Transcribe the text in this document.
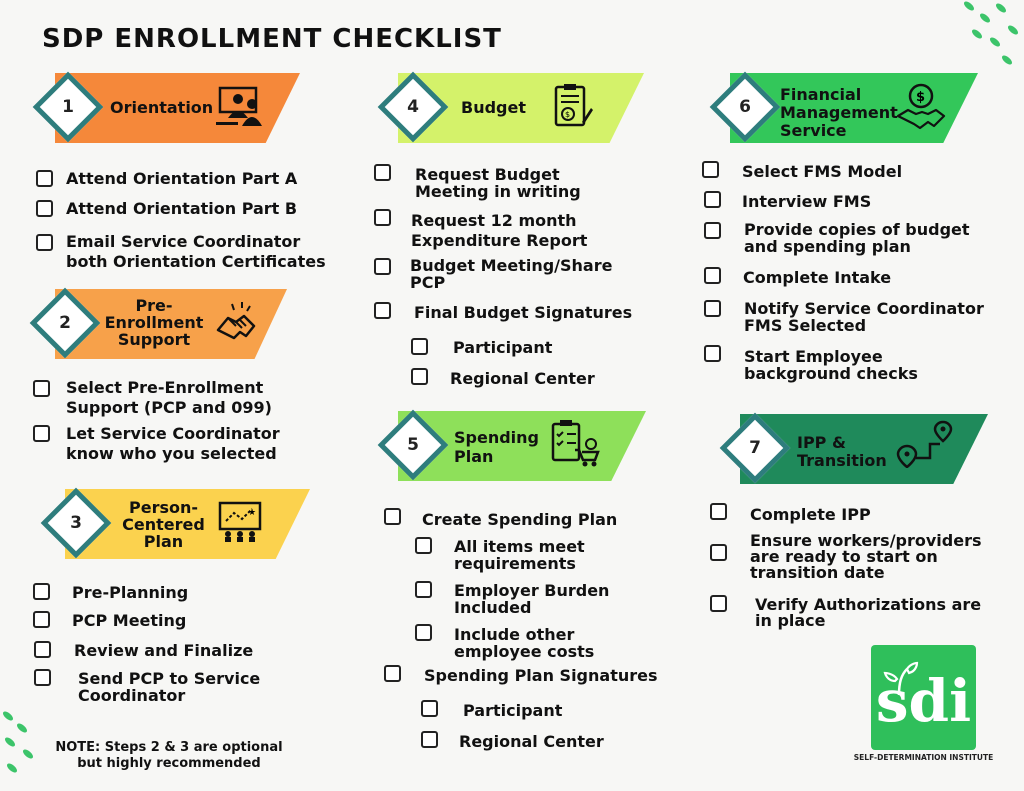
SDP ENROLLMENT CHECKLIST
1	Orientation
Attend Orientation Part A
Attend Orientation Part B
Email Service Coordinator both Orientation Certificates
2
Pre-Enrollment Support
Select Pre-Enrollment Support (PCP and 099)
Let Service Coordinator know who you selected
3
Person-Centered Plan
★
Pre-Planning
PCP Meeting
Review and Finalize
Send PCP to Service Coordinator
NOTE: Steps 2 & 3 are optional but highly recommended
4	Budget	$
Request Budget Meeting in writing
Request 12 month Expenditure Report
Budget Meeting/Share PCP
Final Budget Signatures
Participant
Regional Center
5	Spending Plan
Create Spending Plan
All items meet requirements
Employer Burden Included
Include other employee costs
Spending Plan Signatures
Participant
Regional Center
6
Financial Management Service
$
Select FMS Model
Interview FMS
Provide copies of budget and spending plan
Complete Intake
Notify Service Coordinator FMS Selected
Start Employee background checks
7	IPP & Transition
Complete IPP
Ensure workers/providers are ready to start on transition date
Verify Authorizations are in place
sdi
SELF-DETERMINATION INSTITUTE
